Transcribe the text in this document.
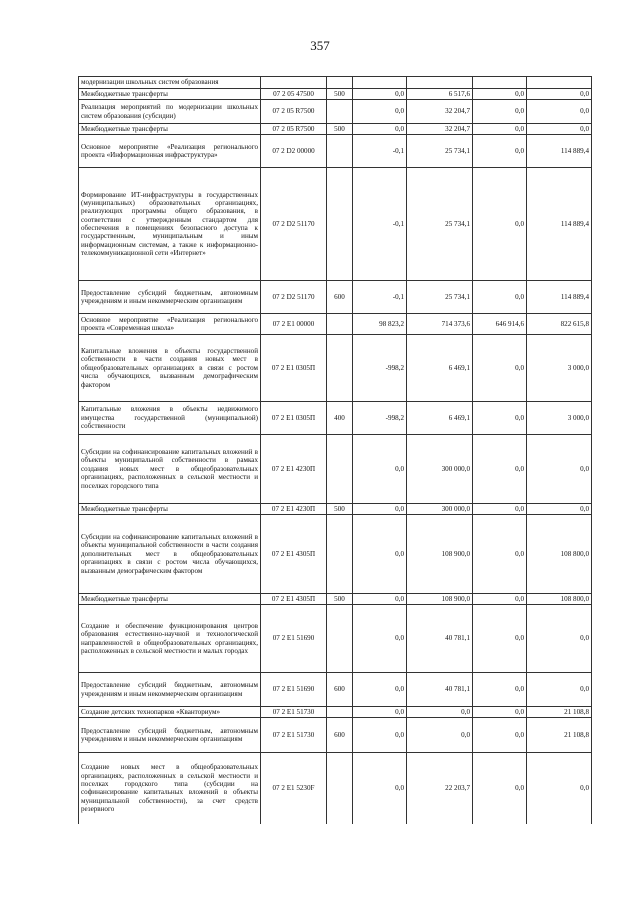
357
модернизации школьных систем образования						
Межбюджетные трансферты	07 2 05 47500	500	0,0	6 517,6	0,0	0,0
Реализация мероприятий по модернизации школьных систем образования (субсидии)	07 2 05 R7500		0,0	32 204,7	0,0	0,0
Межбюджетные трансферты	07 2 05 R7500	500	0,0	32 204,7	0,0	0,0
Основное мероприятие «Реализация регионального проекта «Информационная инфраструктура»	07 2 D2 00000		-0,1	25 734,1	0,0	114 889,4
Формирование ИТ-инфраструктуры в государственных (муниципальных) образовательных организациях, реализующих программы общего образования, в соответствии с утвержденным стандартом для обеспечения в помещениях безопасного доступа к государственным, муниципальным и иным информационным системам, а также к информационно-телекоммуникационной сети «Интернет»	07 2 D2 51170		-0,1	25 734,1	0,0	114 889,4
Предоставление субсидий бюджетным, автономным учреждениям и иным некоммерческим организациям	07 2 D2 51170	600	-0,1	25 734,1	0,0	114 889,4
Основное мероприятие «Реализация регионального проекта «Современная школа»	07 2 E1 00000		98 823,2	714 373,6	646 914,6	822 615,8
Капитальные вложения в объекты государственной собственности в части создания новых мест в общеобразовательных организациях в связи с ростом числа обучающихся, вызванным демографическим фактором	07 2 E1 0305П		-998,2	6 469,1	0,0	3 000,0
Капитальные вложения в объекты недвижимого имущества государственной (муниципальной) собственности	07 2 E1 0305П	400	-998,2	6 469,1	0,0	3 000,0
Субсидии на софинансирование капитальных вложений в объекты муниципальной собственности в рамках создания новых мест в общеобразовательных организациях, расположенных в сельской местности и поселках городского типа	07 2 E1 4230П		0,0	300 000,0	0,0	0,0
Межбюджетные трансферты	07 2 E1 4230П	500	0,0	300 000,0	0,0	0,0
Субсидии на софинансирование капитальных вложений в объекты муниципальной собственности в части создания дополнительных мест в общеобразовательных организациях в связи с ростом числа обучающихся, вызванным демографическим фактором	07 2 E1 4305П		0,0	108 900,0	0,0	108 800,0
Межбюджетные трансферты	07 2 E1 4305П	500	0,0	108 900,0	0,0	108 800,0
Создание и обеспечение функционирования центров образования естественно-научной и технологической направленностей в общеобразовательных организациях, расположенных в сельской местности и малых городах	07 2 E1 51690		0,0	40 781,1	0,0	0,0
Предоставление субсидий бюджетным, автономным учреждениям и иным некоммерческим организациям	07 2 E1 51690	600	0,0	40 781,1	0,0	0,0
Создание детских технопарков «Кванториум»	07 2 E1 51730		0,0	0,0	0,0	21 108,8
Предоставление субсидий бюджетным, автономным учреждениям и иным некоммерческим организациям	07 2 E1 51730	600	0,0	0,0	0,0	21 108,8
Создание новых мест в общеобразовательных организациях, расположенных в сельской местности и поселках городского типа (субсидии на софинансирование капитальных вложений в объекты муниципальной собственности), за счет средств резервного	07 2 E1 5230F		0,0	22 203,7	0,0	0,0
